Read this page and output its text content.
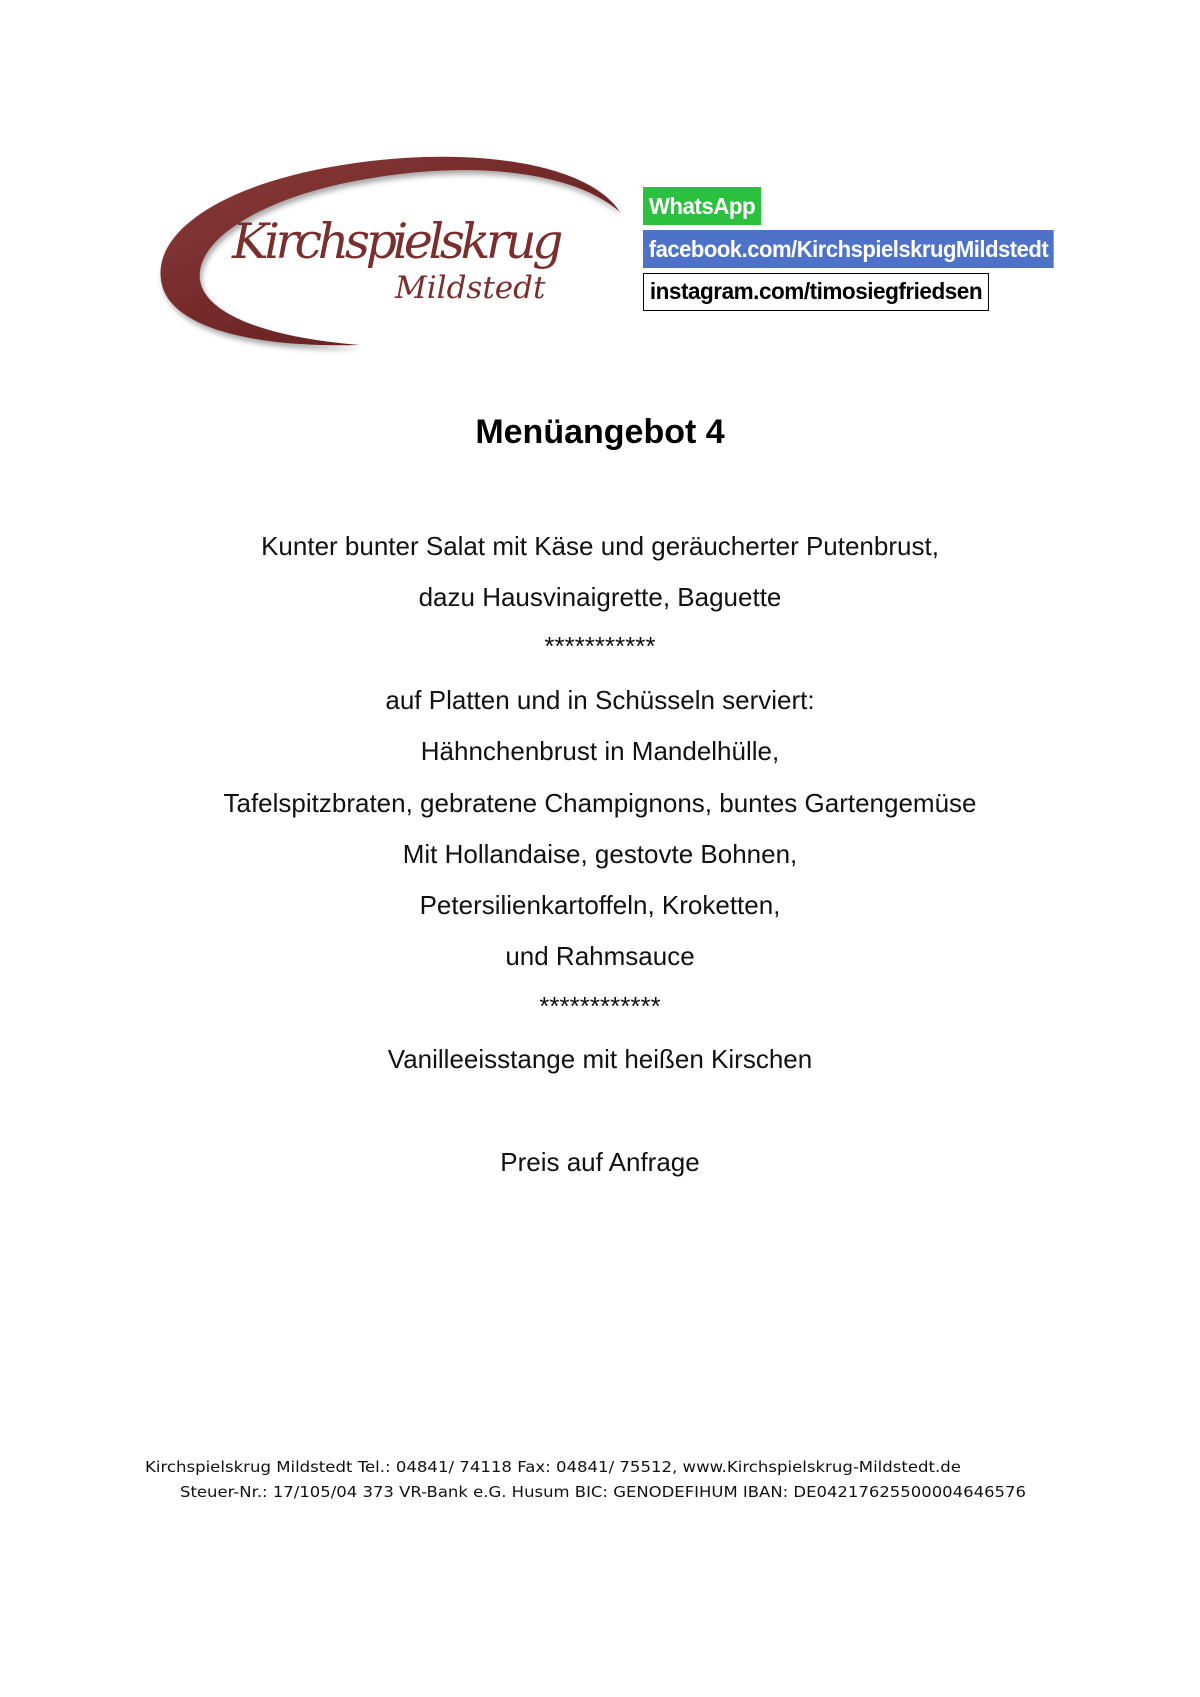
Kirchspielskrug
Mildstedt
WhatsApp
facebook.com/KirchspielskrugMildstedt
instagram.com/timosiegfriedsen
Menüangebot 4
Kunter bunter Salat mit Käse und geräucherter Putenbrust,
dazu Hausvinaigrette, Baguette
***********
auf Platten und in Schüsseln serviert:
Hähnchenbrust in Mandelhülle,
Tafelspitzbraten, gebratene Champignons, buntes Gartengemüse
Mit Hollandaise, gestovte Bohnen,
Petersilienkartoffeln, Kroketten,
und Rahmsauce
************
Vanilleeisstange mit heißen Kirschen
Preis auf Anfrage
Kirchspielskrug Mildstedt Tel.: 04841/ 74118 Fax: 04841/ 75512, www.Kirchspielskrug-Mildstedt.de
Steuer-Nr.: 17/105/04 373 VR-Bank e.G. Husum BIC: GENODEFIHUM IBAN: DE04217625500004646576
